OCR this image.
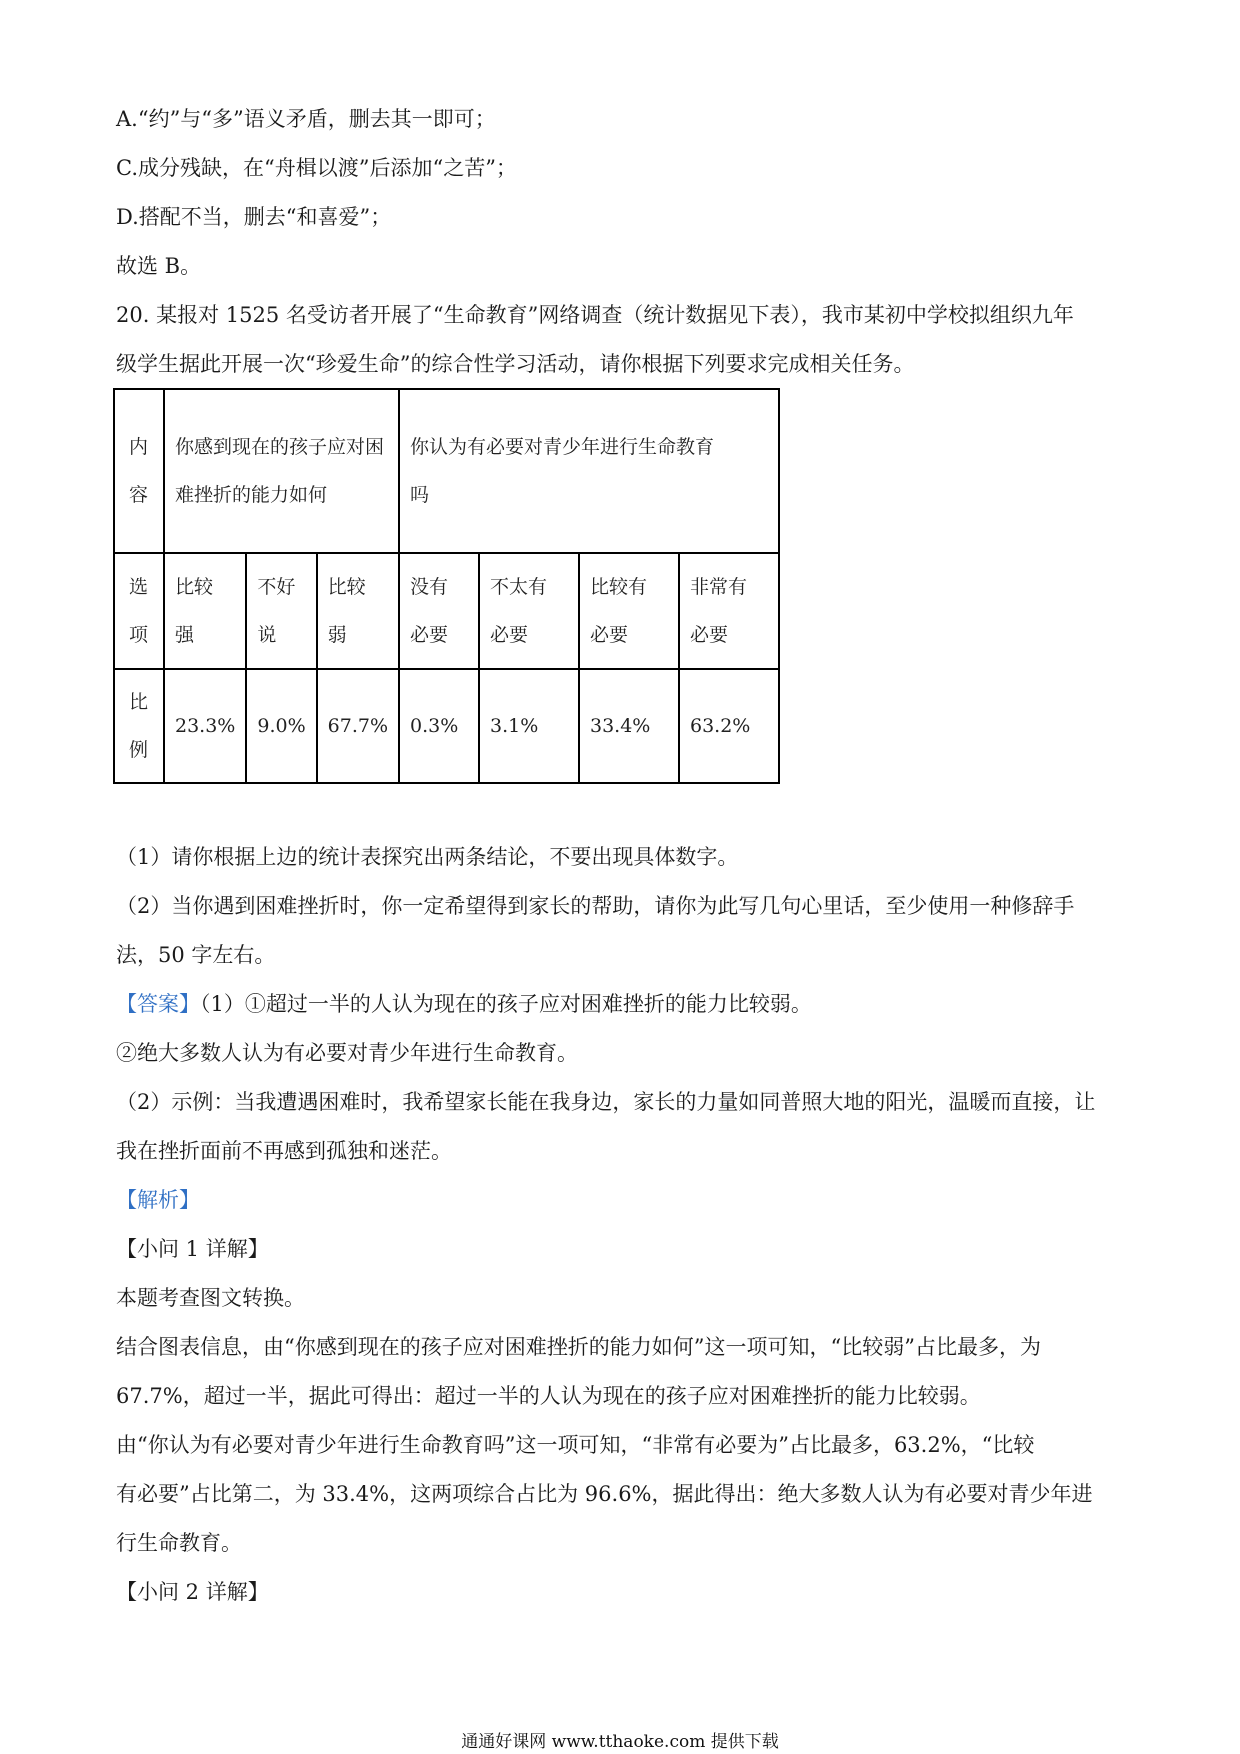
A.“约”与“多”语义矛盾，删去其一即可；
C.成分残缺，在“舟楫以渡”后添加“之苦”；
D.搭配不当，删去“和喜爱”；
故选 B。
20. 某报对 1525 名受访者开展了“生命教育”网络调查（统计数据见下表），我市某初中学校拟组织九年
级学生据此开展一次“珍爱生命”的综合性学习活动，请你根据下列要求完成相关任务。
内容	你感到现在的孩子应对困难挫折的能力如何			你认为有必要对青少年进行生命教育吗			
选项	比较强	不好说	比较弱	没有必要	不太有必要	比较有必要	非常有必要
比例	23.3%	9.0%	67.7%	0.3%	3.1%	33.4%	63.2%
（1）请你根据上边的统计表探究出两条结论，不要出现具体数字。
（2）当你遇到困难挫折时，你一定希望得到家长的帮助，请你为此写几句心里话，至少使用一种修辞手
法，50 字左右。
【答案】（1）①超过一半的人认为现在的孩子应对困难挫折的能力比较弱。
②绝大多数人认为有必要对青少年进行生命教育。
（2）示例：当我遭遇困难时，我希望家长能在我身边，家长的力量如同普照大地的阳光，温暖而直接，让
我在挫折面前不再感到孤独和迷茫。
【解析】
【小问 1 详解】
本题考查图文转换。
结合图表信息，由“你感到现在的孩子应对困难挫折的能力如何”这一项可知，“比较弱”占比最多，为
67.7%，超过一半，据此可得出：超过一半的人认为现在的孩子应对困难挫折的能力比较弱。
由“你认为有必要对青少年进行生命教育吗”这一项可知，“非常有必要为”占比最多，63.2%，“比较
有必要”占比第二，为 33.4%，这两项综合占比为 96.6%，据此得出：绝大多数人认为有必要对青少年进
行生命教育。
【小问 2 详解】
通通好课网 www.tthaoke.com 提供下载
